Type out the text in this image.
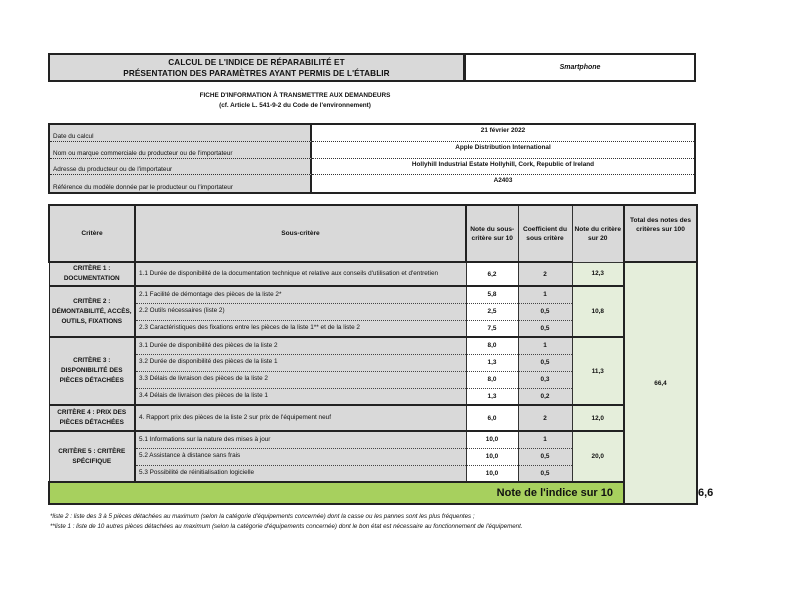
CALCUL DE L'INDICE DE RÉPARABILITÉ ET
PRÉSENTATION DES PARAMÈTRES AYANT PERMIS DE L'ÉTABLIR
Smartphone
FICHE D'INFORMATION À TRANSMETTRE AUX DEMANDEURS
(cf. Article L. 541-9-2 du Code de l'environnement)
Date du calcul
21 février 2022
Nom ou marque commerciale du producteur ou de l'importateur
Apple Distribution International
Adresse du producteur ou de l'importateur
Hollyhill Industrial Estate Hollyhill, Cork, Republic of Ireland
Référence du modèle donnée par le producteur ou l'importateur
A2403
Critère	Sous-critère	Note du sous-critère sur 10	Coefficient du sous critère	Note du critère sur 20	Total des notes des critères sur 100	
CRITÈRE 1 : DOCUMENTATION	1.1 Durée de disponibilité de la documentation technique et relative aux conseils d'utilisation et d'entretien	6,2	2	12,3	66,4	
CRITÈRE 2 : DÉMONTABILITÉ, ACCÈS, OUTILS, FIXATIONS	2.1 Facilité de démontage des pièces de la liste 2*	5,8	1	10,8		
	2.2 Outils nécessaires (liste 2)	2,5	0,5			
	2.3 Caractéristiques des fixations entre les pièces de la liste 1** et de la liste 2	7,5	0,5			
CRITÈRE 3 : DISPONIBILITÉ DES PIÈCES DÉTACHÉES	3.1 Durée de disponibilité des pièces de la liste 2	8,0	1	11,3		
	3.2 Durée de disponibilité des pièces de la liste 1	1,3	0,5			
	3.3 Délais de livraison des pièces de la liste 2	8,0	0,3			
	3.4 Délais de livraison des pièces de la liste 1	1,3	0,2			
CRITÈRE 4 : PRIX DES PIÈCES DÉTACHÉES	4. Rapport prix des pièces de la liste 2 sur prix de l'équipement neuf	6,0	2	12,0		
CRITÈRE 5 : CRITÈRE SPÉCIFIQUE	5.1 Informations sur la nature des mises à jour	10,0	1	20,0		
	5.2 Assistance à distance sans frais	10,0	0,5			
	5.3 Possibilité de réinitialisation logicielle	10,0	0,5			
Note de l'indice sur 10						6,6
*liste 2 : liste des 3 à 5 pièces détachées au maximum (selon la catégorie d'équipements concernée) dont la casse ou les pannes sont les plus fréquentes ;
**liste 1 : liste de 10 autres pièces détachées au maximum (selon la catégorie d'équipements concernée) dont le bon état est nécessaire au fonctionnement de l'équipement.
